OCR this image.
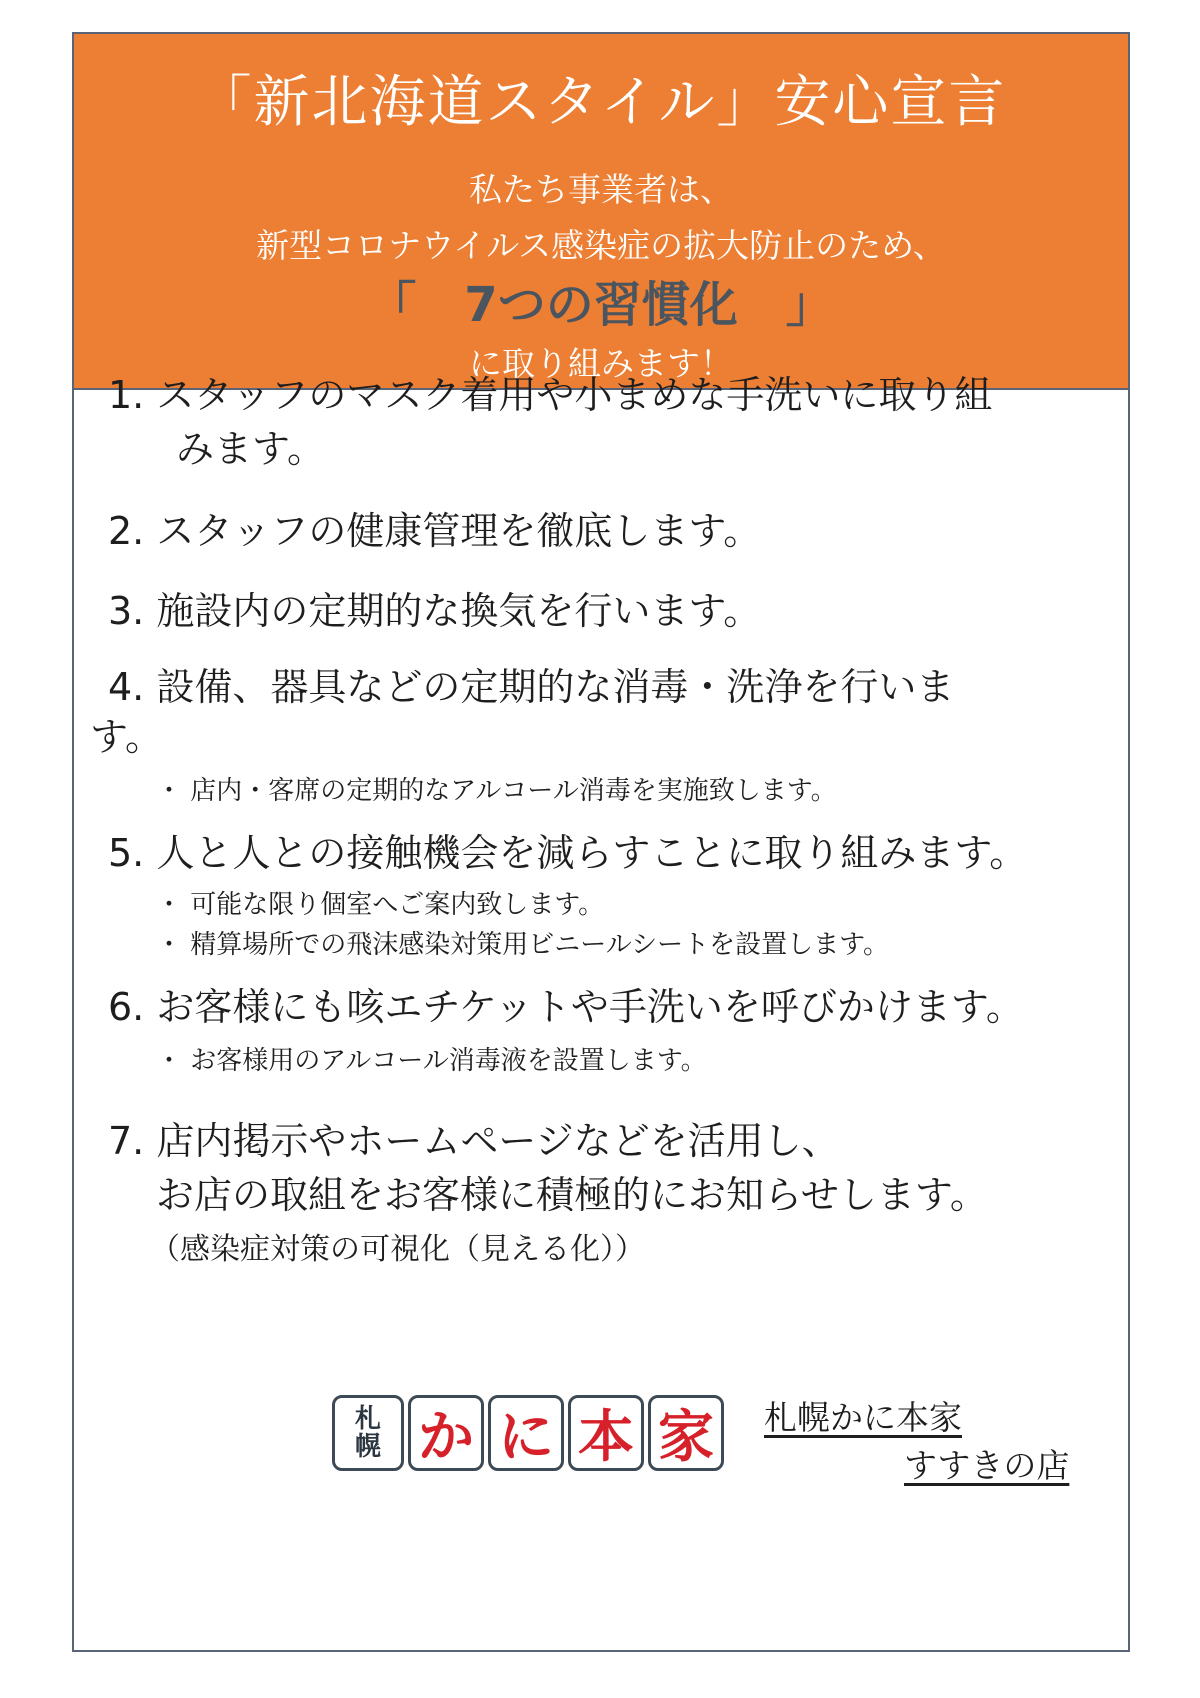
「新北海道スタイル」安心宣言
私たち事業者は、
新型コロナウイルス感染症の拡大防止のため、
「　7つの習慣化　」
に取り組みます！
1. スタッフのマスク着用や小まめな手洗いに取り組
みます。
2. スタッフの健康管理を徹底します。
3. 施設内の定期的な換気を行います。
4. 設備、器具などの定期的な消毒・洗浄を行いま
す。
・ 店内・客席の定期的なアルコール消毒を実施致します。
5. 人と人との接触機会を減らすことに取り組みます。
・ 可能な限り個室へご案内致します。
・ 精算場所での飛沫感染対策用ビニールシートを設置します。
6. お客様にも咳エチケットや手洗いを呼びかけます。
・ お客様用のアルコール消毒液を設置します。
7. 店内掲示やホームページなどを活用し、
お店の取組をお客様に積極的にお知らせします。
（感染症対策の可視化（見える化））
札
幌 か に 本 家	札幌かに本家
すすきの店
